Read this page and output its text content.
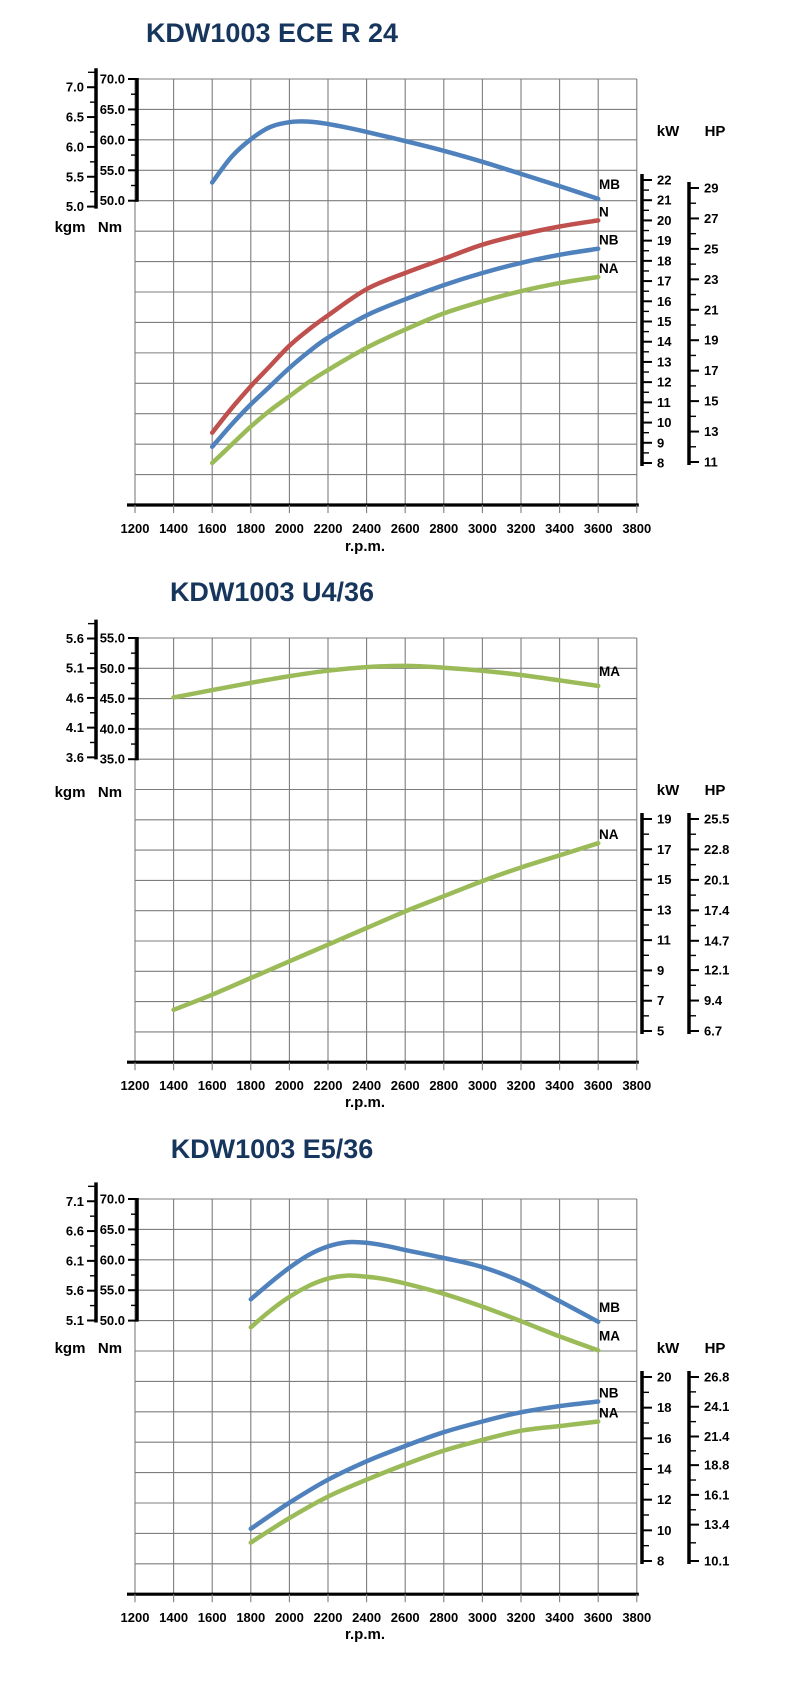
KDW1003 ECE R 24
1200 1400 1600 1800 2000 2200 2400 2600 2800 3000 3200 3400 3600 3800
r.p.m.
70.0
65.0
60.0
55.0
50.0
7.0
6.5
6.0
5.5
5.0
kgm Nm
22
21
20
19
18
17
16
15
14
13
12
11
10
9
8
kW
29
27
25
23
21
19
17
15
13
11
HP
MB
N
NB
NA
KDW1003 U4/36
1200 1400 1600 1800 2000 2200 2400 2600 2800 3000 3200 3400 3600 3800
r.p.m.
55.0
50.0
45.0
40.0
35.0
5.6
5.1
4.6
4.1
3.6
kgm Nm
19
17
15
13
11
9
7
5
kW
25.5
22.8
20.1
17.4
14.7
12.1
9.4
6.7
HP
MA
NA
KDW1003 E5/36
1200 1400 1600 1800 2000 2200 2400 2600 2800 3000 3200 3400 3600 3800
r.p.m.
70.0
65.0
60.0
55.0
50.0
7.1
6.6
6.1
5.6
5.1
kgm Nm
20
18
16
14
12
10
8
kW
26.8
24.1
21.4
18.8
16.1
13.4
10.1
HP
MB
MA
NB
NA
